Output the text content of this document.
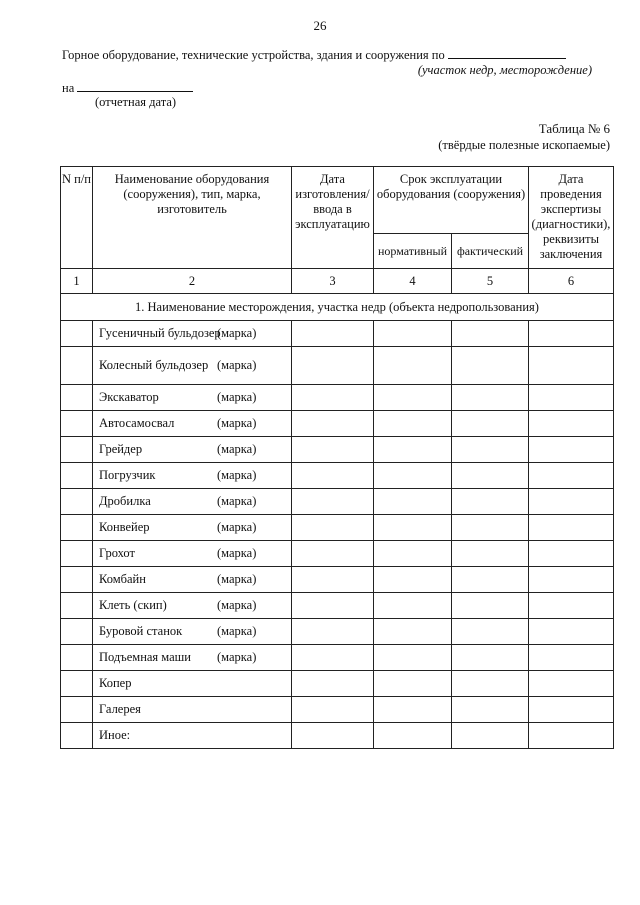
26
Горное оборудование, технические устройства, здания и сооружения по
(участок недр, месторождение)
на
(отчетная дата)
Таблица № 6
(твёрдые полезные ископаемые)
N п/п	Наименование оборудования (сооружения), тип, марка, изготовитель	Дата изготовления/ ввода в эксплуатацию	Срок эксплуатации оборудования (сооружения)		Дата проведения экспертизы (диагностики), реквизиты заключения
			нормативный	фактический	
1	2	3	4	5	6
1. Наименование месторождения, участка недр (объекта недропользования)					
	Гусеничный бульдозер(марка)				
	Колесный бульдозер (марка)				
	Экскаватор (марка)				
	Автосамосвал (марка)				
	Грейдер (марка)				
	Погрузчик (марка)				
	Дробилка (марка)				
	Конвейер (марка)				
	Грохот (марка)				
	Комбайн (марка)				
	Клеть (скип) (марка)				
	Буровой станок (марка)				
	Подъемная маши (марка)				
	Копер				
	Галерея				
	Иное:				
